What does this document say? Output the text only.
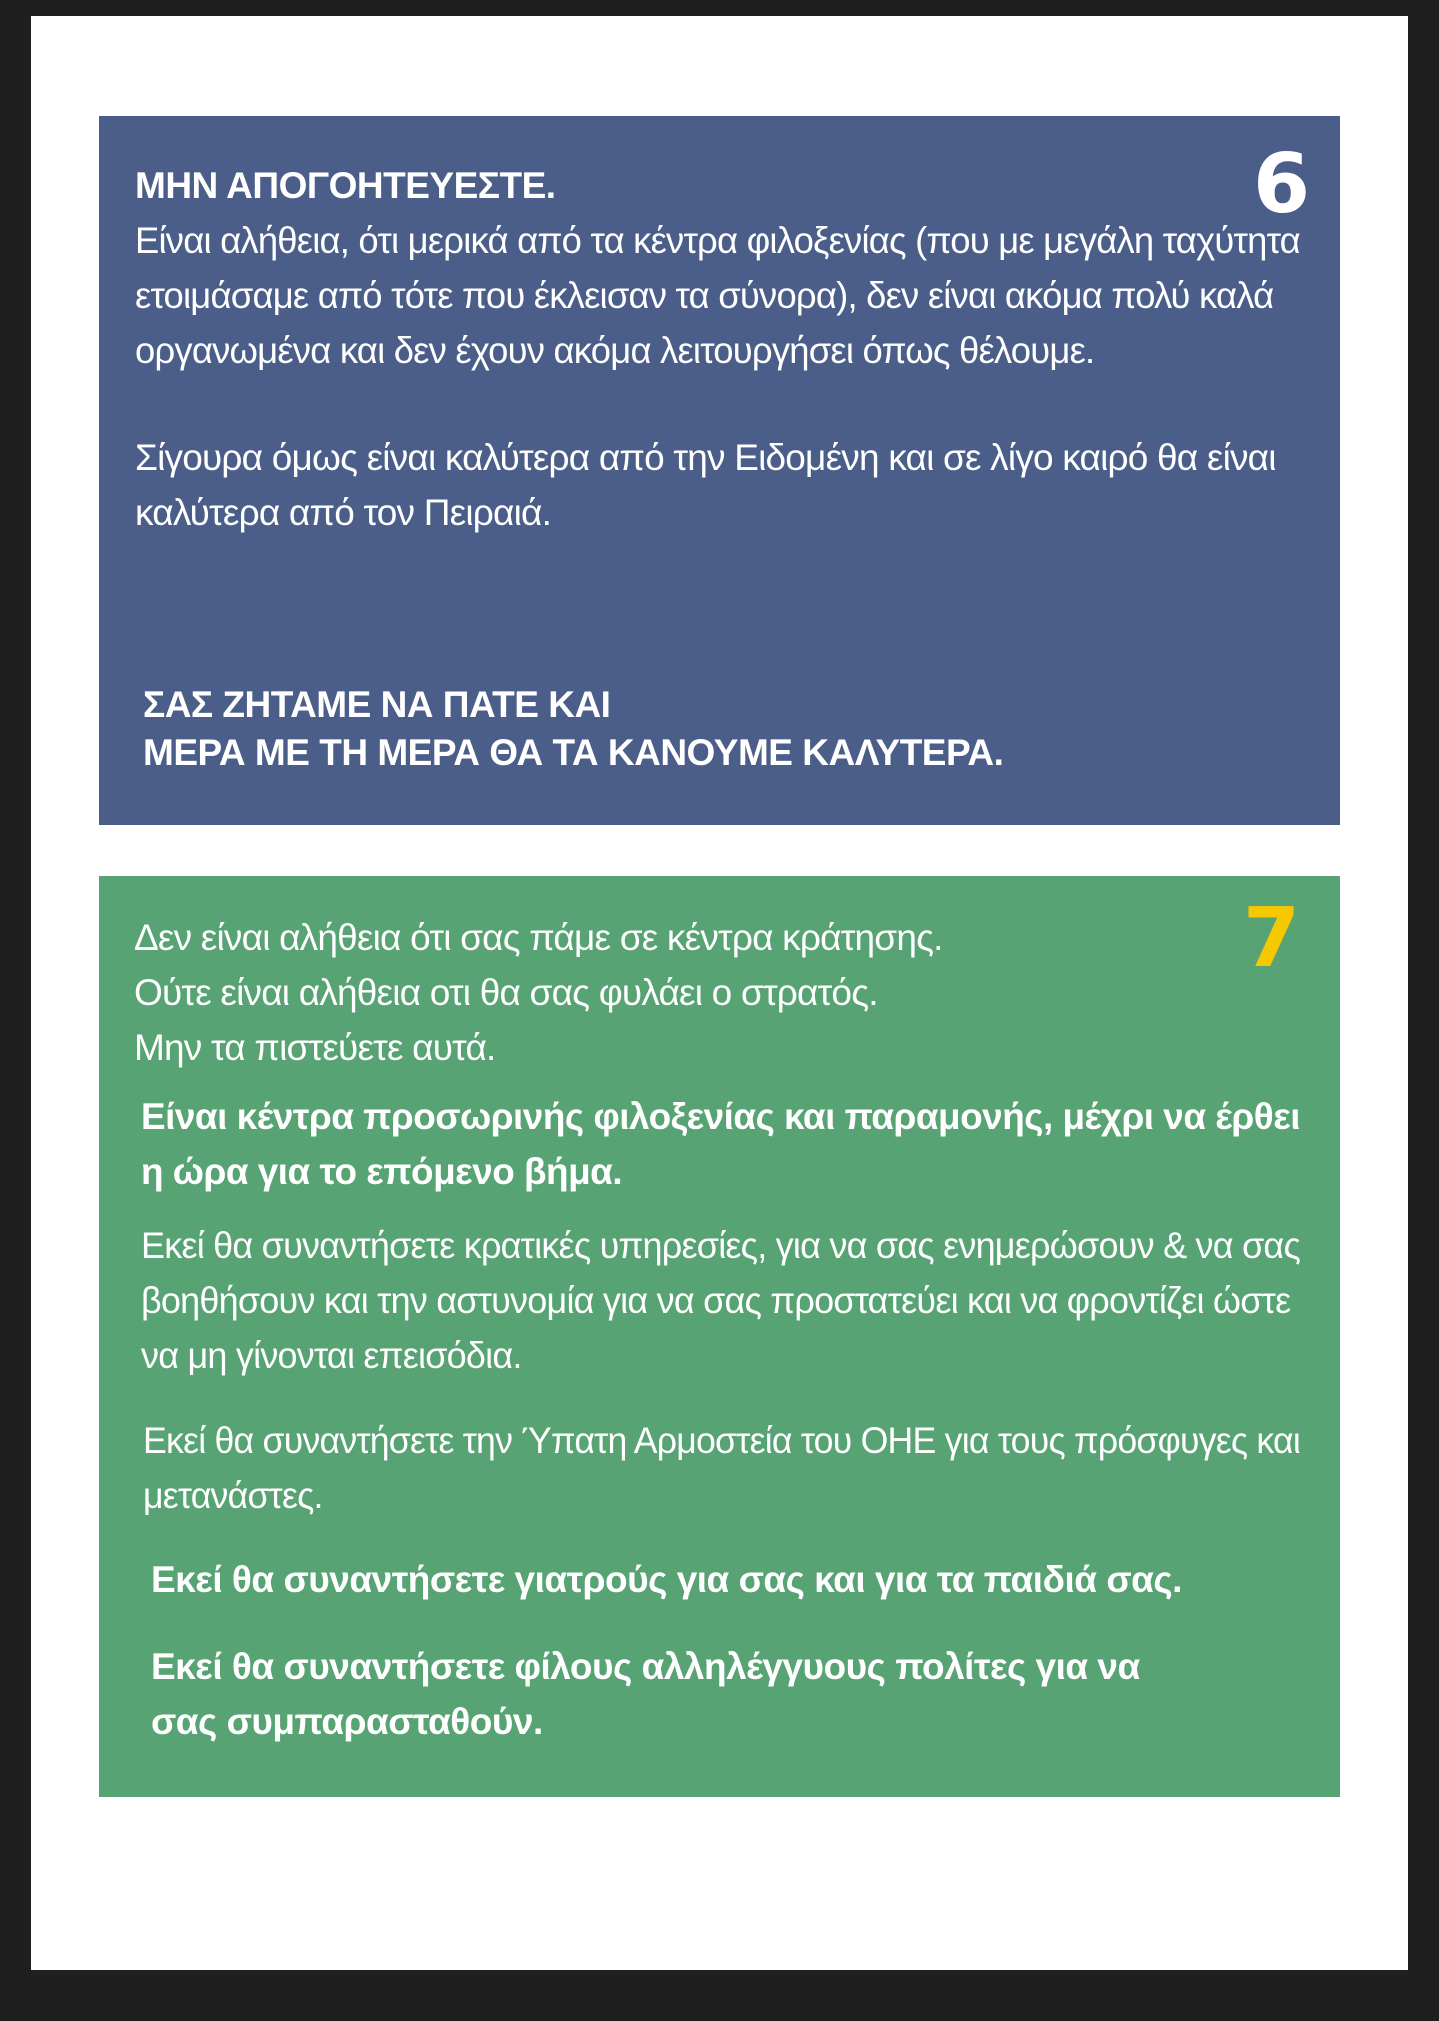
6
ΜΗΝ ΑΠΟΓΟΗΤΕΥΕΣΤΕ.
Είναι αλήθεια, ότι μερικά από τα κέντρα φιλοξενίας (που με μεγάλη ταχύτητα
ετοιμάσαμε από τότε που έκλεισαν τα σύνορα), δεν είναι ακόμα πολύ καλά
οργανωμένα και δεν έχουν ακόμα λειτουργήσει όπως θέλουμε.
Σίγουρα όμως είναι καλύτερα από την Ειδομένη και σε λίγο καιρό θα είναι
καλύτερα από τον Πειραιά.
ΣΑΣ ΖΗΤΑΜΕ ΝΑ ΠΑΤΕ ΚΑΙ
ΜΕΡΑ ΜΕ ΤΗ ΜΕΡΑ ΘΑ ΤΑ ΚΑΝΟΥΜΕ ΚΑΛΥΤΕΡΑ.
7
Δεν είναι αλήθεια ότι σας πάμε σε κέντρα κράτησης.
Ούτε είναι αλήθεια οτι θα σας φυλάει ο στρατός.
Μην τα πιστεύετε αυτά.
Είναι κέντρα προσωρινής φιλοξενίας και παραμονής, μέχρι να έρθει
η ώρα για το επόμενο βήμα.
Εκεί θα συναντήσετε κρατικές υπηρεσίες, για να σας ενημερώσουν & να σας
βοηθήσουν και την αστυνομία για να σας προστατεύει και να φροντίζει ώστε
να μη γίνονται επεισόδια.
Εκεί θα συναντήσετε την Ύπατη Αρμοστεία του ΟΗΕ για τους πρόσφυγες και
μετανάστες.
Εκεί θα συναντήσετε γιατρούς για σας και για τα παιδιά σας.
Εκεί θα συναντήσετε φίλους αλληλέγγυους πολίτες για να
σας συμπαρασταθούν.
